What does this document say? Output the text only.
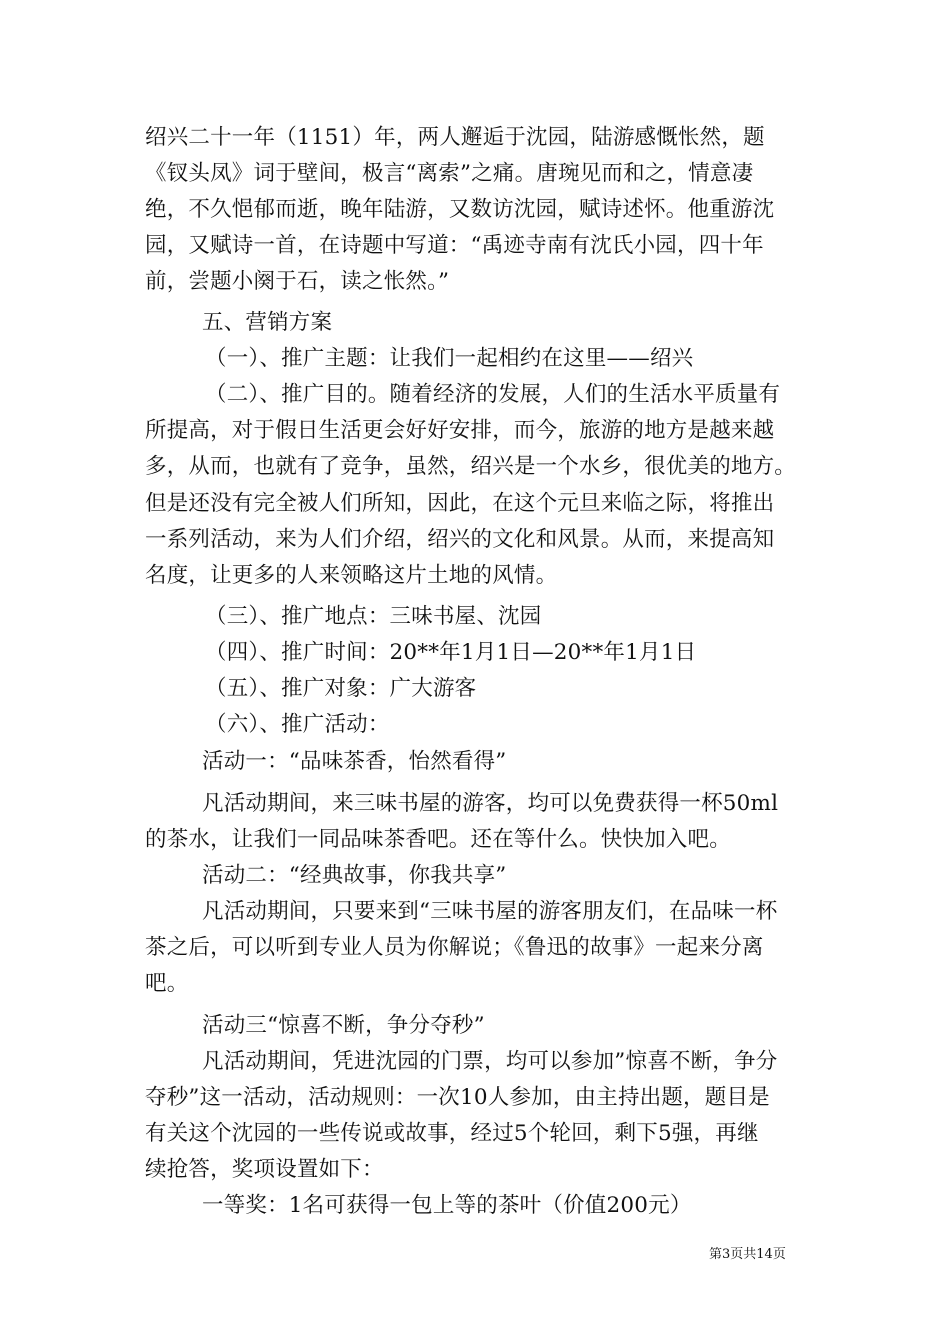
绍兴二十一年（1151）年，两人邂逅于沈园，陆游感慨怅然，题
《钗头凤》词于壁间，极言“离索”之痛。唐琬见而和之，情意凄
绝，不久悒郁而逝，晚年陆游，又数访沈园，赋诗述怀。他重游沈
园，又赋诗一首，在诗题中写道：“禹迹寺南有沈氏小园，四十年
前，尝题小阕于石，读之怅然。”
五、营销方案
（一）、推广主题：让我们一起相约在这里——绍兴
（二）、推广目的。随着经济的发展，人们的生活水平质量有
所提高，对于假日生活更会好好安排，而今，旅游的地方是越来越
多，从而，也就有了竞争，虽然，绍兴是一个水乡，很优美的地方。
但是还没有完全被人们所知，因此，在这个元旦来临之际，将推出
一系列活动，来为人们介绍，绍兴的文化和风景。从而，来提高知
名度，让更多的人来领略这片土地的风情。
（三）、推广地点：三味书屋、沈园
（四）、推广时间：20**年1月1日—20**年1月1日
（五）、推广对象：广大游客
（六）、推广活动：
活动一：“品味茶香，怡然看得”
凡活动期间，来三味书屋的游客，均可以免费获得一杯50ml
的茶水，让我们一同品味茶香吧。还在等什么。快快加入吧。
活动二：“经典故事，你我共享”
凡活动期间，只要来到“三味书屋的游客朋友们，在品味一杯
茶之后，可以听到专业人员为你解说；《鲁迅的故事》一起来分离
吧。
活动三“惊喜不断，争分夺秒”
凡活动期间，凭进沈园的门票，均可以参加”惊喜不断，争分
夺秒”这一活动，活动规则：一次10人参加，由主持出题，题目是
有关这个沈园的一些传说或故事，经过5个轮回，剩下5强，再继
续抢答，奖项设置如下：
一等奖：1名可获得一包上等的茶叶（价值200元）
第3页共14页
